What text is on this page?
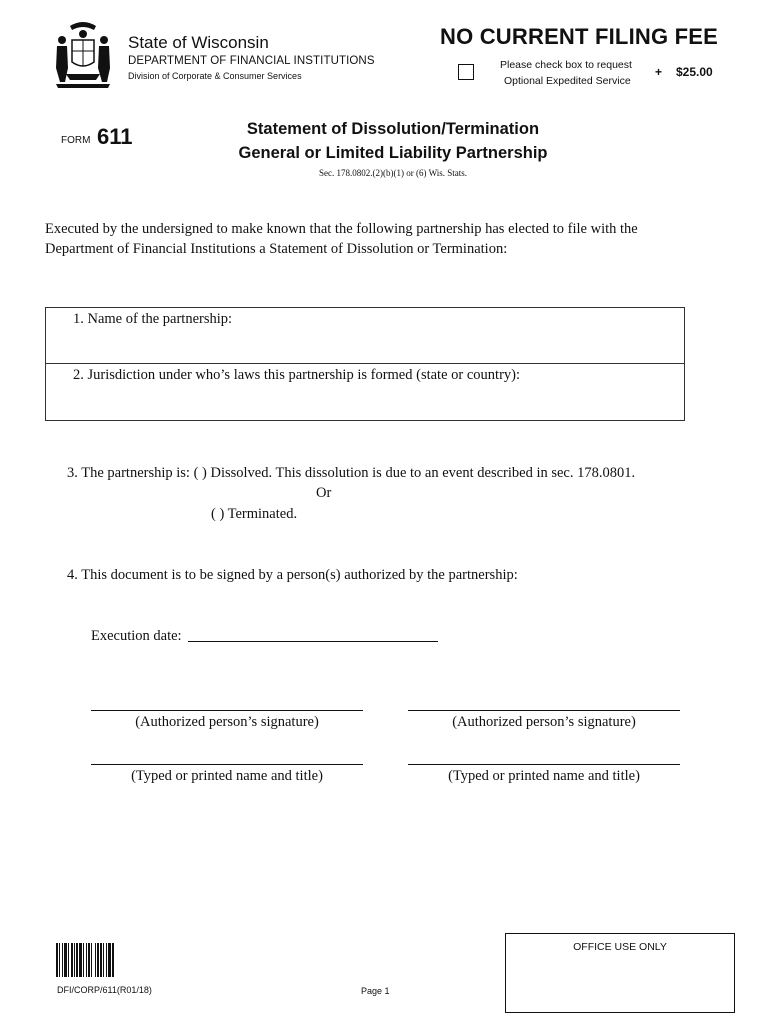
State of Wisconsin
DEPARTMENT OF FINANCIAL INSTITUTIONS
Division of Corporate & Consumer Services
NO CURRENT FILING FEE
Please check box to request
Optional Expedited Service
+ $25.00
FORM 611	Statement of Dissolution/Termination
General or Limited Liability Partnership
Sec. 178.0802.(2)(b)(1) or (6) Wis. Stats.
Executed by the undersigned to make known that the following partnership has elected to file with the
Department of Financial Institutions a Statement of Dissolution or Termination:
1. Name of the partnership:
2. Jurisdiction under who’s laws this partnership is formed (state or country):
3. The partnership is: ( ) Dissolved. This dissolution is due to an event described in sec. 178.0801.
Or
( ) Terminated.
4. This document is to be signed by a person(s) authorized by the partnership:
Execution date:
(Authorized person’s signature)	(Authorized person’s signature)
(Typed or printed name and title)	(Typed or printed name and title)
DFI/CORP/611(R01/18)	Page 1
OFFICE USE ONLY
